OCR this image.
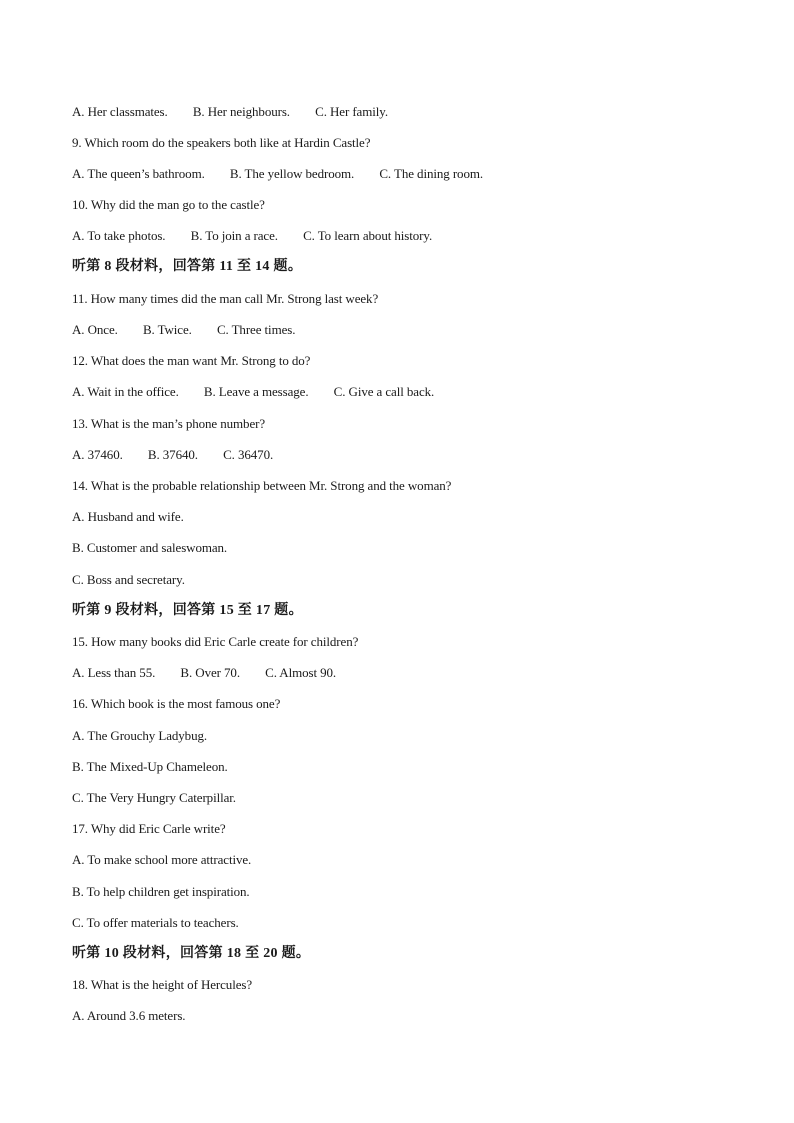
A. Her classmates. B. Her neighbours. C. Her family.
9. Which room do the speakers both like at Hardin Castle?
A. The queen’s bathroom. B. The yellow bedroom. C. The dining room.
10. Why did the man go to the castle?
A. To take photos. B. To join a race. C. To learn about history.
听第 8 段材料，回答第 11 至 14 题。
11. How many times did the man call Mr. Strong last week?
A. Once. B. Twice. C. Three times.
12. What does the man want Mr. Strong to do?
A. Wait in the office. B. Leave a message. C. Give a call back.
13. What is the man’s phone number?
A. 37460. B. 37640. C. 36470.
14. What is the probable relationship between Mr. Strong and the woman?
A. Husband and wife.
B. Customer and saleswoman.
C. Boss and secretary.
听第 9 段材料，回答第 15 至 17 题。
15. How many books did Eric Carle create for children?
A. Less than 55. B. Over 70. C. Almost 90.
16. Which book is the most famous one?
A. The Grouchy Ladybug.
B. The Mixed-Up Chameleon.
C. The Very Hungry Caterpillar.
17. Why did Eric Carle write?
A. To make school more attractive.
B. To help children get inspiration.
C. To offer materials to teachers.
听第 10 段材料，回答第 18 至 20 题。
18. What is the height of Hercules?
A. Around 3.6 meters.
